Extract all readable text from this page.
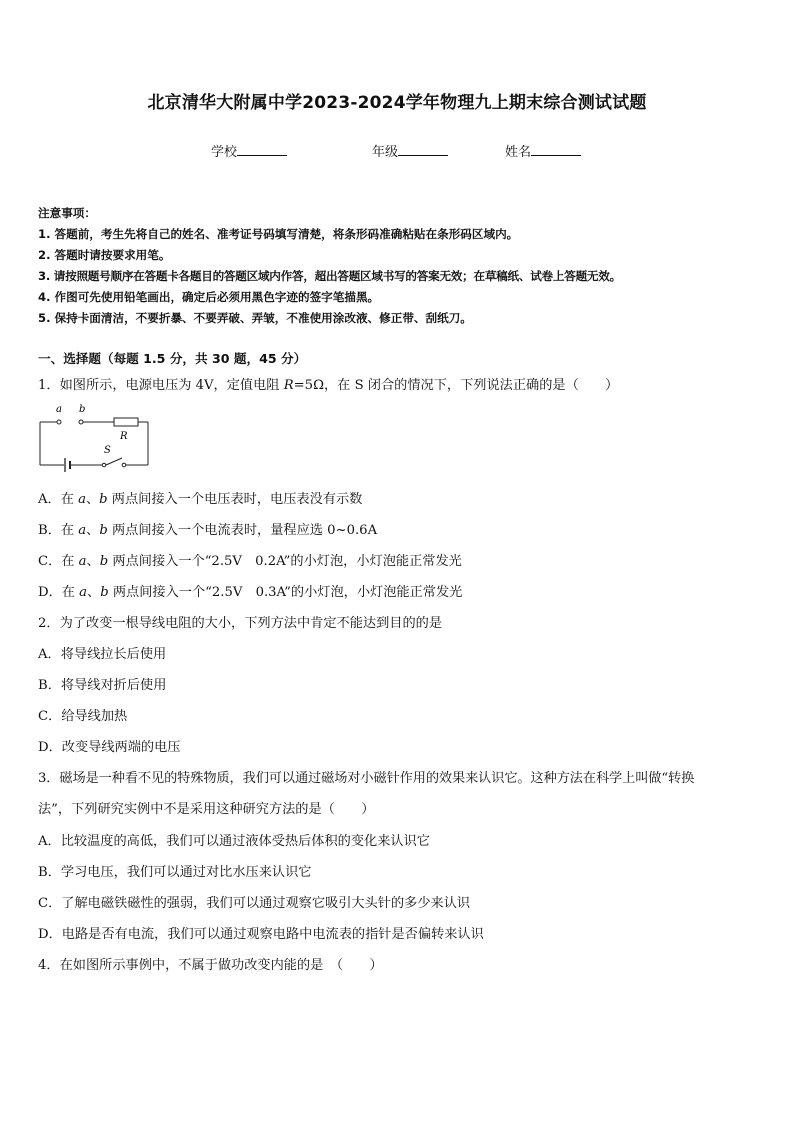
北京清华大附属中学2023-2024学年物理九上期末综合测试试题
学校	年级	姓名
注意事项：
1. 答题前，考生先将自己的姓名、准考证号码填写清楚，将条形码准确粘贴在条形码区域内。
2. 答题时请按要求用笔。
3. 请按照题号顺序在答题卡各题目的答题区域内作答，超出答题区域书写的答案无效；在草稿纸、试卷上答题无效。
4. 作图可先使用铅笔画出，确定后必须用黑色字迹的签字笔描黑。
5. 保持卡面清洁，不要折暴、不要弄破、弄皱，不准使用涂改液、修正带、刮纸刀。
一、选择题（每题 1.5 分，共 30 题，45 分）
1．如图所示，电源电压为 4V，定值电阻 R=5Ω，在 S 闭合的情况下，下列说法正确的是（　　）
a b
R
S
A．在 a、b 两点间接入一个电压表时，电压表没有示数
B．在 a、b 两点间接入一个电流表时，量程应选 0~0.6A
C．在 a、b 两点间接入一个“2.5V　0.2A”的小灯泡，小灯泡能正常发光
D．在 a、b 两点间接入一个“2.5V　0.3A”的小灯泡，小灯泡能正常发光
2．为了改变一根导线电阻的大小，下列方法中肯定不能达到目的的是
A．将导线拉长后使用
B．将导线对折后使用
C．给导线加热
D．改变导线两端的电压
3．磁场是一种看不见的特殊物质，我们可以通过磁场对小磁针作用的效果来认识它。这种方法在科学上叫做“转换
法”，下列研究实例中不是采用这种研究方法的是（　　）
A．比较温度的高低，我们可以通过液体受热后体积的变化来认识它
B．学习电压，我们可以通过对比水压来认识它
C．了解电磁铁磁性的强弱，我们可以通过观察它吸引大头针的多少来认识
D．电路是否有电流，我们可以通过观察电路中电流表的指针是否偏转来认识
4．在如图所示事例中，不属于做功改变内能的是　（　　）
